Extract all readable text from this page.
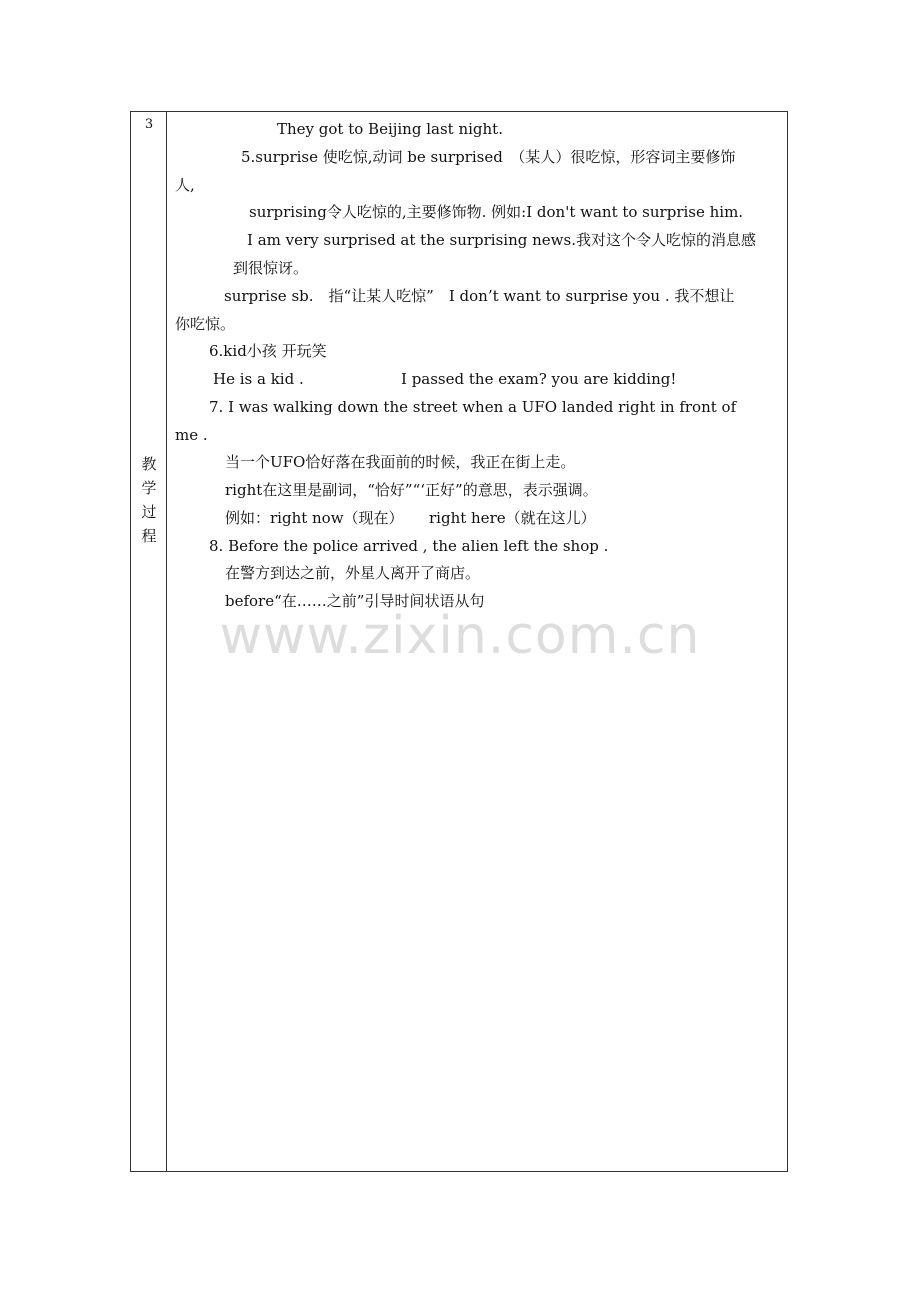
3
教
学
过
程
They got to Beijing last night.
5.surprise 使吃惊,动词 be surprised　（某人）很吃惊，形容词主要修饰
人,
surprising令人吃惊的,主要修饰物. 例如:I don't want to surprise him.
I am very surprised at the surprising news.我对这个令人吃惊的消息感
到很惊讶。
surprise sb.　指“让某人吃惊”　I don’t want to surprise you . 我不想让
你吃惊。
6.kid小孩 开玩笑
He is a kid .	I passed the exam? you are kidding!
7. I was walking down the street when a UFO landed right in front of
me .
当一个UFO恰好落在我面前的时候，我正在街上走。
right在这里是副词，“恰好”“‘正好”的意思，表示强调。
例如：right now（现在） right here（就在这儿）
8. Before the police arrived , the alien left the shop .
在警方到达之前，外星人离开了商店。
before“在……之前”引导时间状语从句
www.zixin.com.cn
